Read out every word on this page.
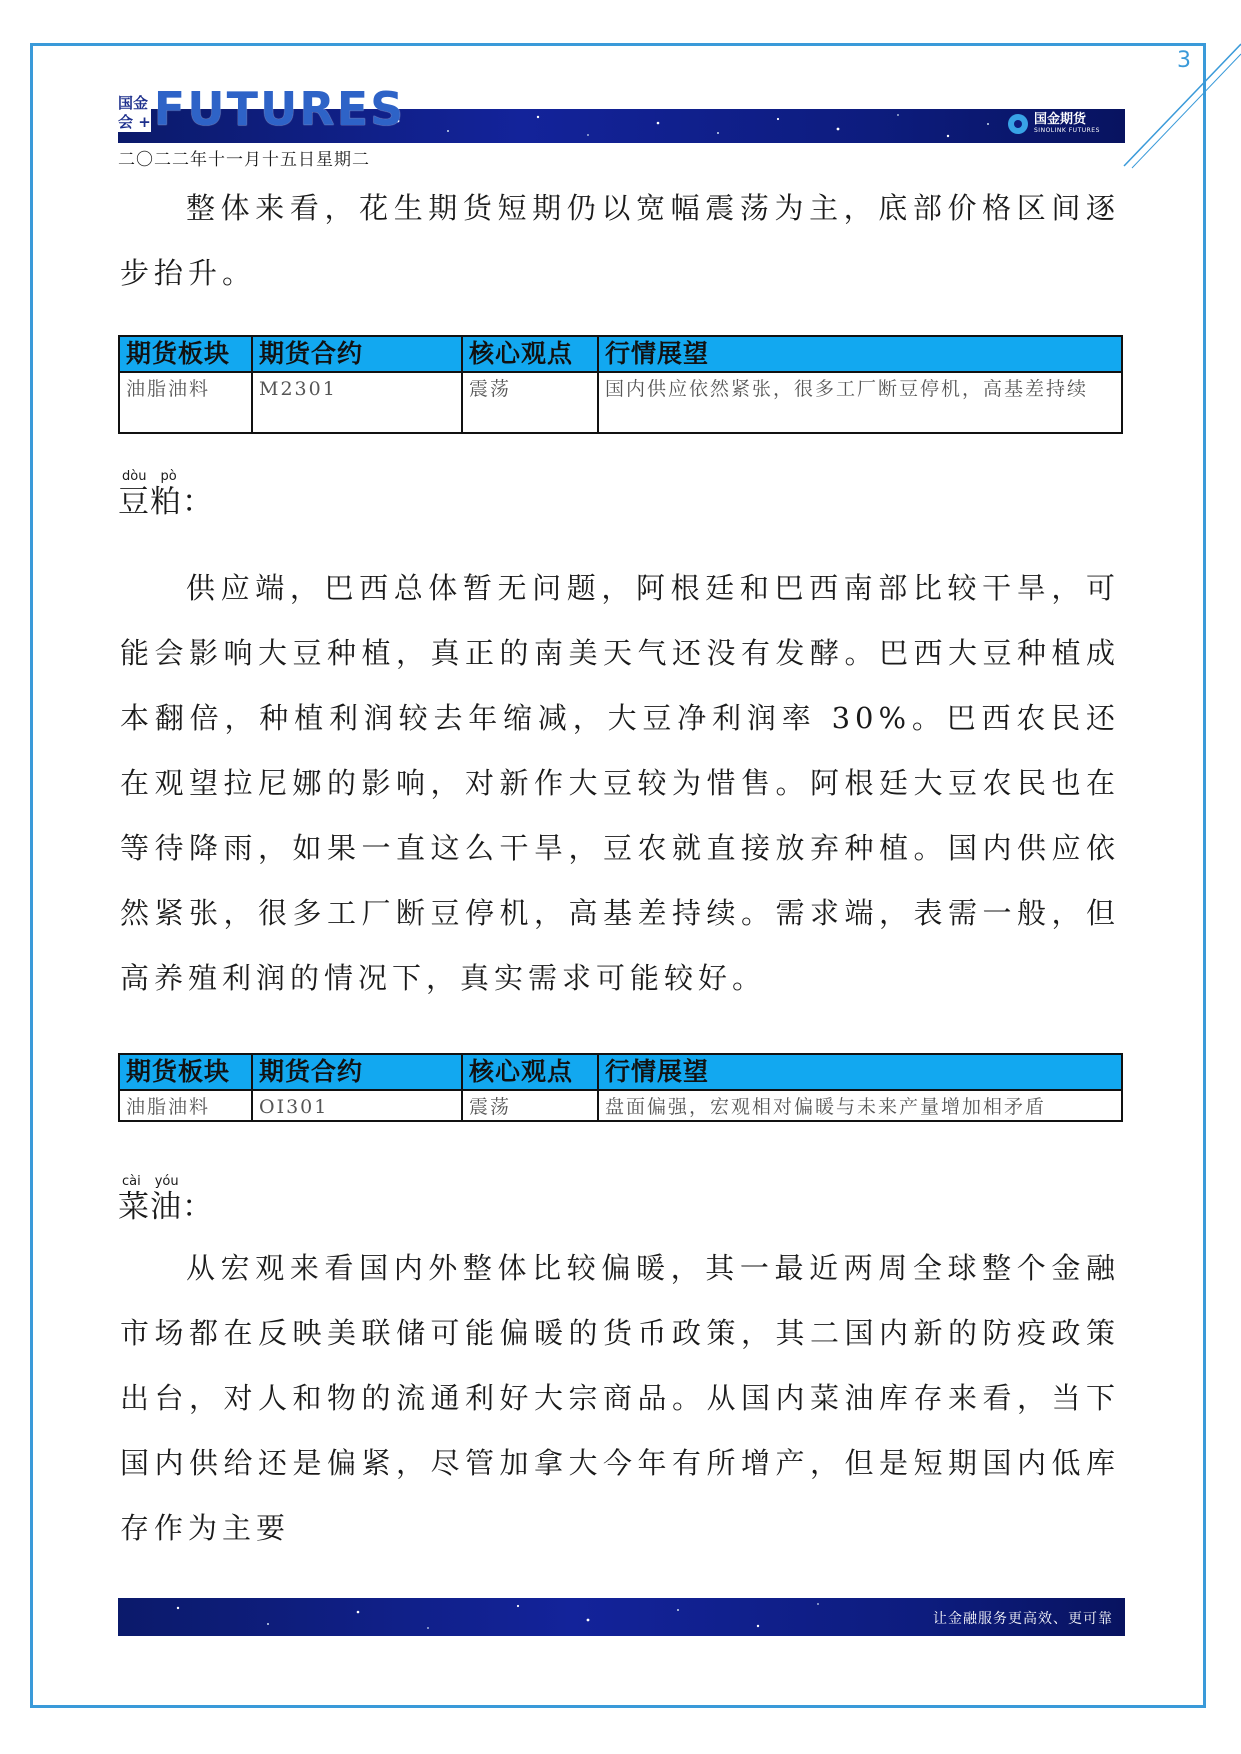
3
国金
会 + FUTURES	国金期货
SINOLINK FUTURES
二〇二二年十一月十五日星期二
整体来看，花生期货短期仍以宽幅震荡为主，底部价格区间逐步抬升。
期货板块	期货合约	核心观点	行情展望
油脂油料	M2301	震荡	国内供应依然紧张，很多工厂断豆停机，高基差持续
dòu pò
豆粕：
供应端，巴西总体暂无问题，阿根廷和巴西南部比较干旱，可能会影响大豆种植，真正的南美天气还没有发酵。巴西大豆种植成本翻倍，种植利润较去年缩减，大豆净利润率 30%。巴西农民还在观望拉尼娜的影响，对新作大豆较为惜售。阿根廷大豆农民也在等待降雨，如果一直这么干旱，豆农就直接放弃种植。国内供应依然紧张，很多工厂断豆停机，高基差持续。需求端，表需一般，但高养殖利润的情况下，真实需求可能较好。
期货板块	期货合约	核心观点	行情展望
油脂油料	OI301	震荡	盘面偏强，宏观相对偏暖与未来产量增加相矛盾
cài yóu
菜油：
从宏观来看国内外整体比较偏暖，其一最近两周全球整个金融市场都在反映美联储可能偏暖的货币政策，其二国内新的防疫政策出台，对人和物的流通利好大宗商品。从国内菜油库存来看，当下国内供给还是偏紧，尽管加拿大今年有所增产，但是短期国内低库存作为主要
让金融服务更高效、更可靠
